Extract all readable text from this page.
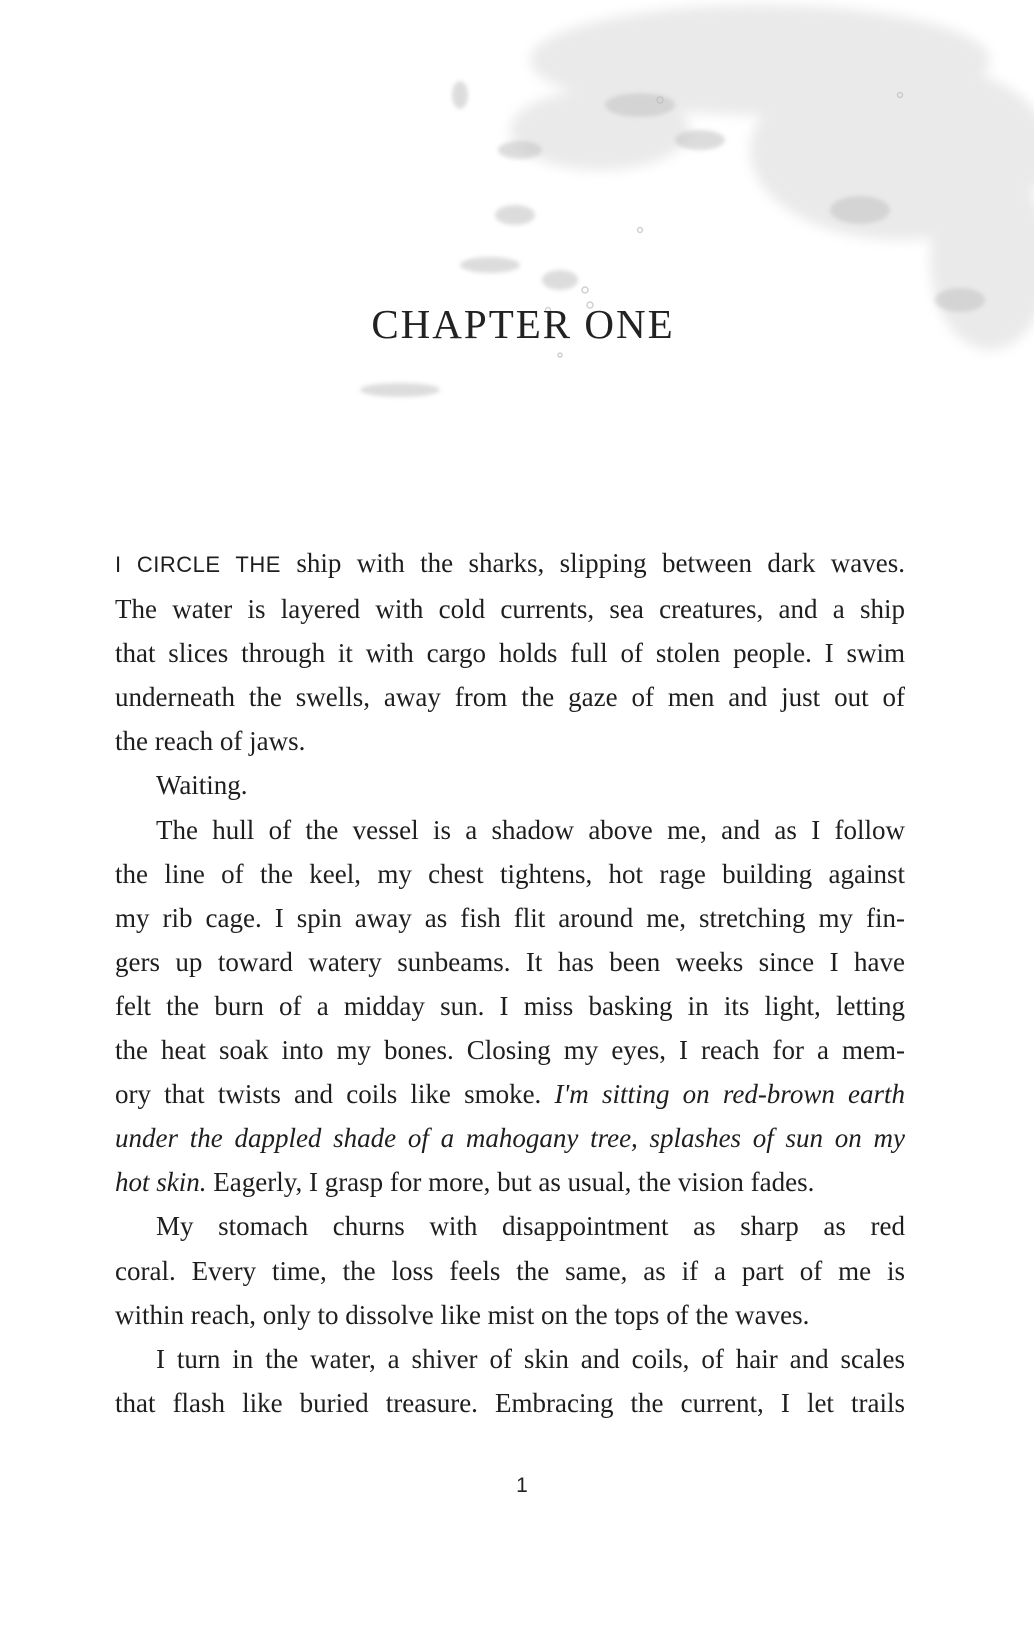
CHAPTER ONE
I CIRCLE THE ship with the sharks, slipping between dark waves.
The water is layered with cold currents, sea creatures, and a ship
that slices through it with cargo holds full of stolen people. I swim
underneath the swells, away from the gaze of men and just out of
the reach of jaws.
Waiting.
The hull of the vessel is a shadow above me, and as I follow
the line of the keel, my chest tightens, hot rage building against
my rib cage. I spin away as fish flit around me, stretching my fin-
gers up toward watery sunbeams. It has been weeks since I have
felt the burn of a midday sun. I miss basking in its light, letting
the heat soak into my bones. Closing my eyes, I reach for a mem-
ory that twists and coils like smoke. I'm sitting on red-brown earth
under the dappled shade of a mahogany tree, splashes of sun on my
hot skin. Eagerly, I grasp for more, but as usual, the vision fades.
My stomach churns with disappointment as sharp as red
coral. Every time, the loss feels the same, as if a part of me is
within reach, only to dissolve like mist on the tops of the waves.
I turn in the water, a shiver of skin and coils, of hair and scales
that flash like buried treasure. Embracing the current, I let trails
1
